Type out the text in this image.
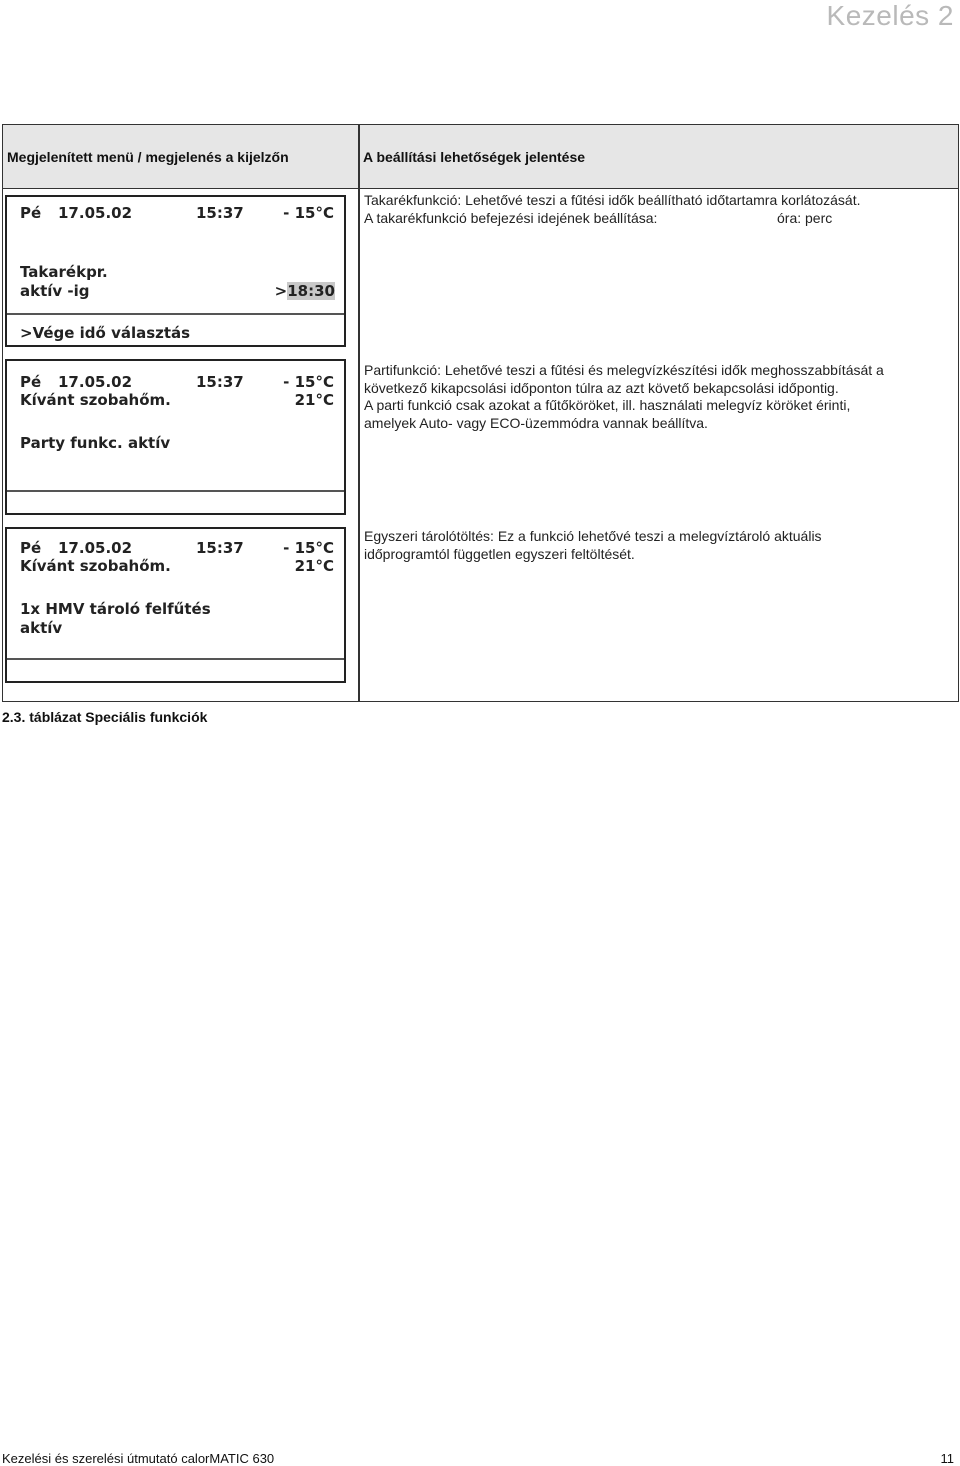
Kezelés 2
Megjelenített menü / megjelenés a kijelzőn	A beállítási lehetőségek jelentése
Pé 17.05.02	15:37	- 15°C
Takarékpr.
aktív -ig	>18:30
>Vége idő választás

Takarékfunkció: Lehetővé teszi a fűtési idők beállítható időtartamra korlátozását.

A takarékfunkció befejezési idejének beállítása:	óra: perc

Pé 17.05.02	15:37	- 15°C
Kívánt szobahőm.	21°C
Party funkc. aktív

Partifunkció: Lehetővé teszi a fűtési és melegvízkészítési idők meghosszabbítását a

következő kikapcsolási időponton túlra az azt követő bekapcsolási időpontig.

A parti funkció csak azokat a fűtőköröket, ill. használati melegvíz köröket érinti,

amelyek Auto- vagy ECO-üzemmódra vannak beállítva.

Pé 17.05.02	15:37	- 15°C
Kívánt szobahőm.	21°C
1x HMV tároló felfűtés
aktív

Egyszeri tárolótöltés: Ez a funkció lehetővé teszi a melegvíztároló aktuális

időprogramtól független egyszeri feltöltését.

2.3. táblázat Speciális funkciók
Kezelési és szerelési útmutató calorMATIC 630	11
